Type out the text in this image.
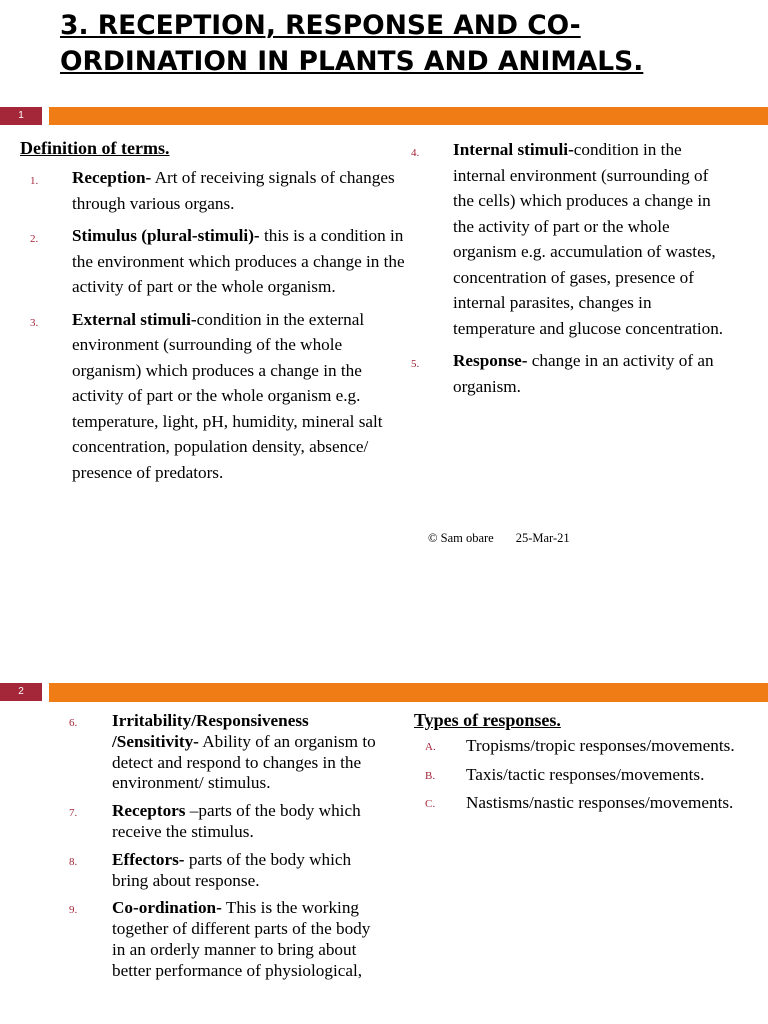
3. RECEPTION, RESPONSE AND CO-ORDINATION IN PLANTS AND ANIMALS.
1

Definition of terms.

1. Reception- Art of receiving signals of changes through various organs.
2. Stimulus (plural-stimuli)- this is a condition in the environment which produces a change in the activity of part or the whole organism.
3. External stimuli-condition in the external environment (surrounding of the whole organism) which produces a change in the activity of part or the whole organism e.g. temperature, light, pH, humidity, mineral salt concentration, population density, absence/ presence of predators.
4. Internal stimuli-condition in the internal environment (surrounding of the cells) which produces a change in the activity of part or the whole organism e.g. accumulation of wastes, concentration of gases, presence of internal parasites, changes in temperature and glucose concentration.
5. Response- change in an activity of an organism.
© Sam obare 25-Mar-21
2
6. Irritability/Responsiveness /Sensitivity- Ability of an organism to detect and respond to changes in the environment/ stimulus.
7. Receptors –parts of the body which receive the stimulus.
8. Effectors- parts of the body which bring about response.
9. Co-ordination- This is the working together of different parts of the body in an orderly manner to bring about better performance of physiological,

Types of responses.

A. Tropisms/tropic responses/movements.
B. Taxis/tactic responses/movements.
C. Nastisms/nastic responses/movements.
